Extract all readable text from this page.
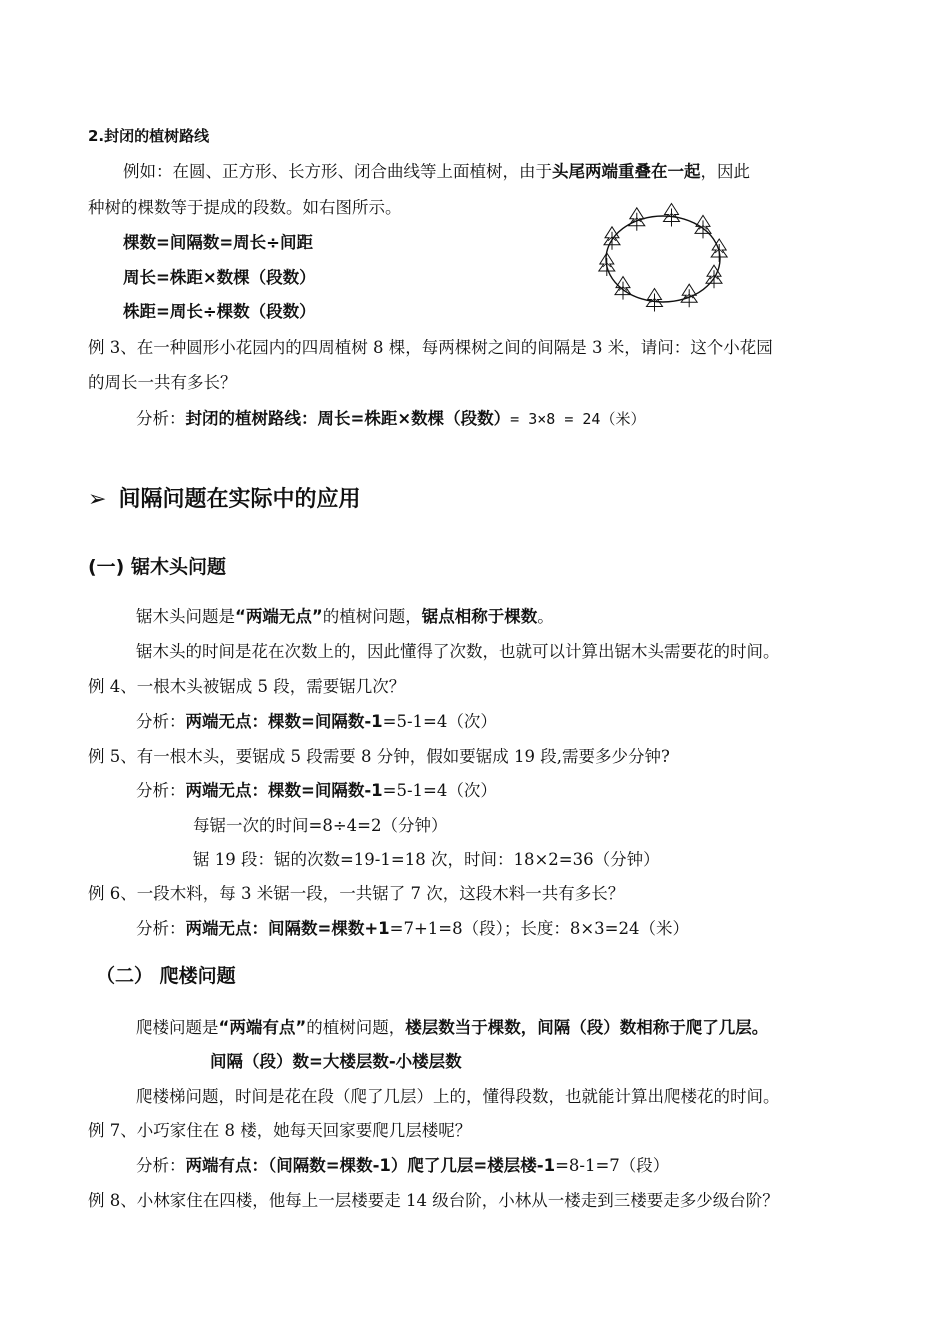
2.封闭的植树路线
例如：在圆、正方形、长方形、闭合曲线等上面植树，由于头尾两端重叠在一起，因此
种树的棵数等于提成的段数。如右图所示。
棵数=间隔数=周长÷间距
周长=株距×数棵（段数）
株距=周长÷棵数（段数）
例 3、在一种圆形小花园内的四周植树 8 棵，每两棵树之间的间隔是 3 米，请问：这个小花园
的周长一共有多长？
分析：封闭的植树路线：周长=株距×数棵（段数）= 3×8 = 24（米）
➢ 间隔问题在实际中的应用
(一) 锯木头问题
锯木头问题是“两端无点”的植树问题，锯点相称于棵数。
锯木头的时间是花在次数上的，因此懂得了次数，也就可以计算出锯木头需要花的时间。
例 4、一根木头被锯成 5 段，需要锯几次？
分析：两端无点：棵数=间隔数-1=5-1=4（次）
例 5、有一根木头，要锯成 5 段需要 8 分钟，假如要锯成 19 段,需要多少分钟?
分析：两端无点：棵数=间隔数-1=5-1=4（次）
每锯一次的时间=8÷4=2（分钟）
锯 19 段：锯的次数=19-1=18 次，时间：18×2=36（分钟）
例 6、一段木料，每 3 米锯一段，一共锯了 7 次，这段木料一共有多长？
分析：两端无点：间隔数=棵数+1=7+1=8（段）；长度：8×3=24（米）
（二） 爬楼问题
爬楼问题是“两端有点”的植树问题，楼层数当于棵数，间隔（段）数相称于爬了几层。
间隔（段）数=大楼层数-小楼层数
爬楼梯问题，时间是花在段（爬了几层）上的，懂得段数，也就能计算出爬楼花的时间。
例 7、小巧家住在 8 楼，她每天回家要爬几层楼呢？
分析：两端有点：（间隔数=棵数-1）爬了几层=楼层楼-1=8-1=7（段）
例 8、小林家住在四楼，他每上一层楼要走 14 级台阶，小林从一楼走到三楼要走多少级台阶？
